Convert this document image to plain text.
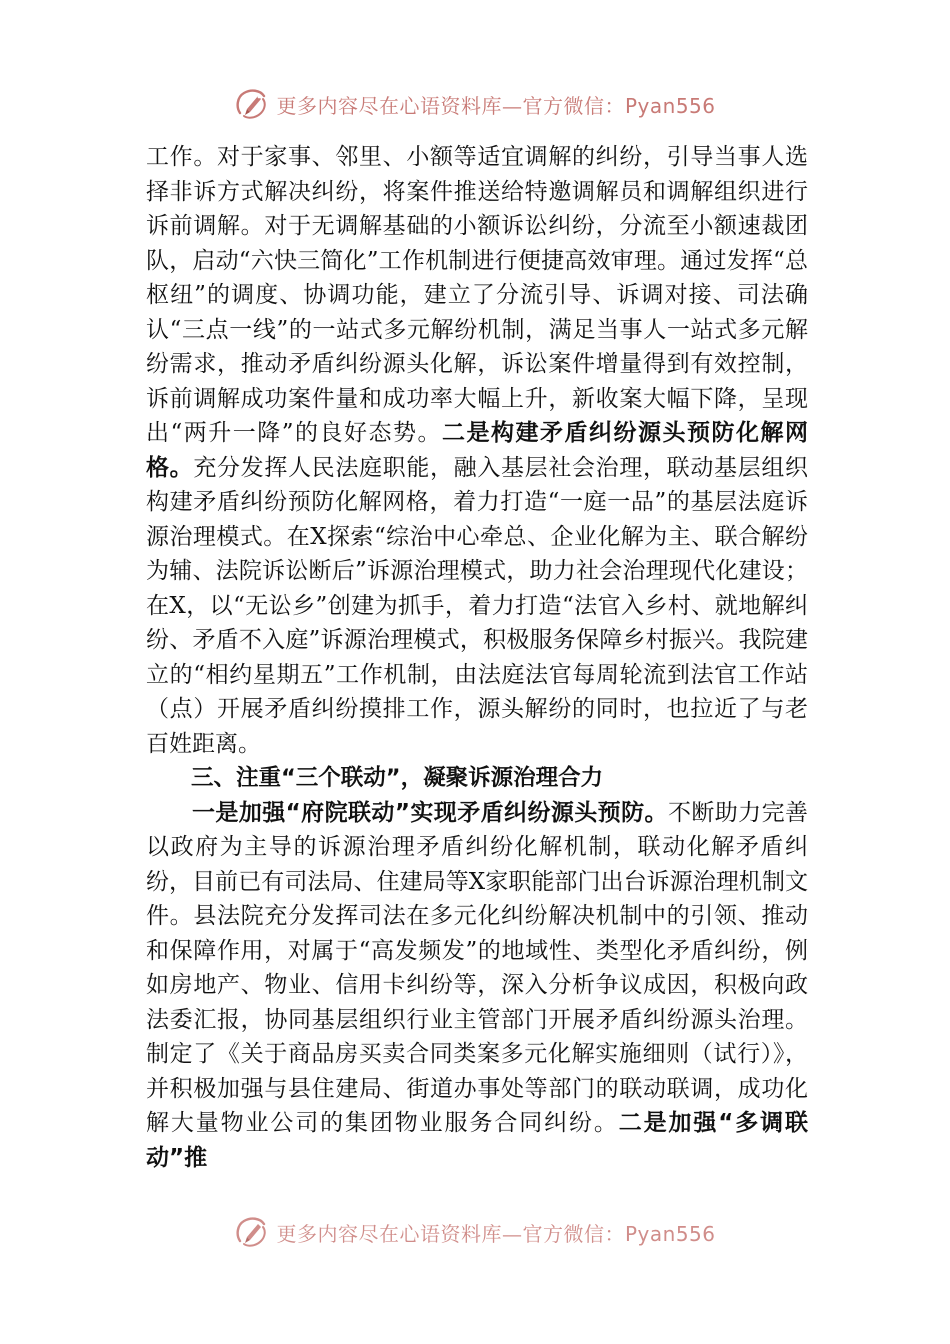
更多内容尽在心语资料库—官方微信：Pyan556

工作。对于家事、邻里、小额等适宜调解的纠纷，引导当事人选择非诉方式解决纠纷，将案件推送给特邀调解员和调解组织进行诉前调解。对于无调解基础的小额诉讼纠纷，分流至小额速裁团队，启动“六快三简化”工作机制进行便捷高效审理。通过发挥“总枢纽”的调度、协调功能，建立了分流引导、诉调对接、司法确认“三点一线”的一站式多元解纷机制，满足当事人一站式多元解纷需求，推动矛盾纠纷源头化解，诉讼案件增量得到有效控制，诉前调解成功案件量和成功率大幅上升，新收案大幅下降，呈现出“两升一降”的良好态势。二是构建矛盾纠纷源头预防化解网格。充分发挥人民法庭职能，融入基层社会治理，联动基层组织构建矛盾纠纷预防化解网格，着力打造“一庭一品”的基层法庭诉源治理模式。在X探索“综治中心牵总、企业化解为主、联合解纷为辅、法院诉讼断后”诉源治理模式，助力社会治理现代化建设；在X，以“无讼乡”创建为抓手，着力打造“法官入乡村、就地解纠纷、矛盾不入庭”诉源治理模式，积极服务保障乡村振兴。我院建立的“相约星期五”工作机制，由法庭法官每周轮流到法官工作站（点）开展矛盾纠纷摸排工作，源头解纷的同时，也拉近了与老百姓距离。

三、注重“三个联动”，凝聚诉源治理合力

一是加强“府院联动”实现矛盾纠纷源头预防。不断助力完善以政府为主导的诉源治理矛盾纠纷化解机制，联动化解矛盾纠纷，目前已有司法局、住建局等X家职能部门出台诉源治理机制文件。县法院充分发挥司法在多元化纠纷解决机制中的引领、推动和保障作用，对属于“高发频发”的地域性、类型化矛盾纠纷，例如房地产、物业、信用卡纠纷等，深入分析争议成因，积极向政法委汇报，协同基层组织行业主管部门开展矛盾纠纷源头治理。制定了《关于商品房买卖合同类案多元化解实施细则（试行）》，并积极加强与县住建局、街道办事处等部门的联动联调，成功化解大量物业公司的集团物业服务合同纠纷。二是加强“多调联动”推

更多内容尽在心语资料库—官方微信：Pyan556
